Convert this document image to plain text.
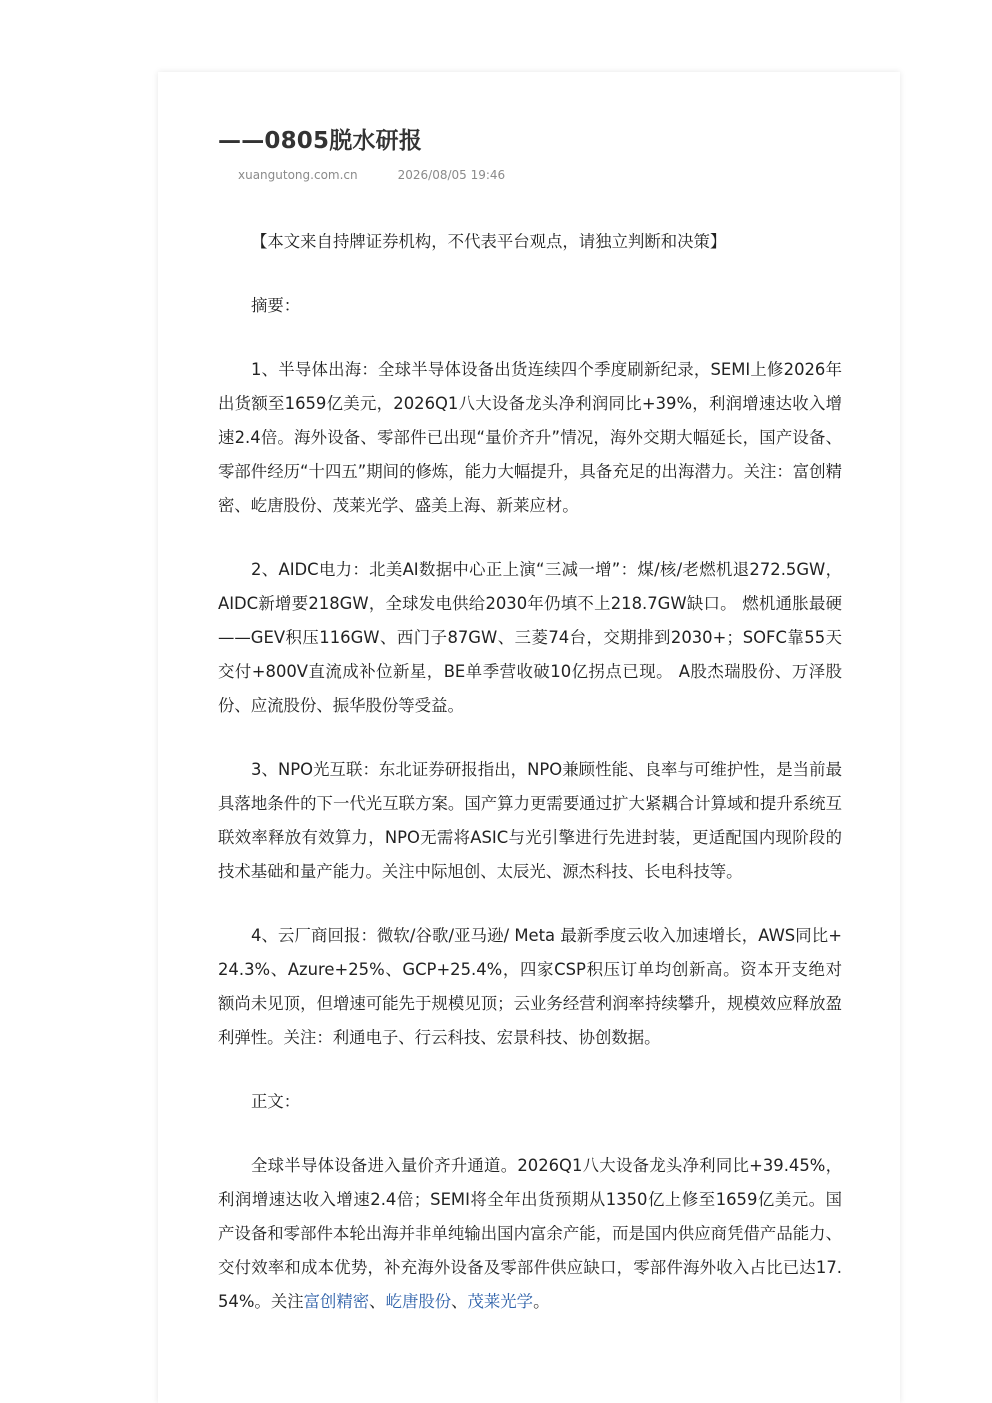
——0805脱水研报
xuangutong.com.cn	2026/08/05 19:46

【本文来自持牌证券机构，不代表平台观点，请独立判断和决策】

摘要：

1、半导体出海：全球半导体设备出货连续四个季度刷新纪录，SEMI上修2026年出货额至1659亿美元，2026Q1八大设备龙头净利润同比+39%，利润增速达收入增速2.4倍。海外设备、零部件已出现“量价齐升”情况，海外交期大幅延长，国产设备、零部件经历“十四五”期间的修炼，能力大幅提升，具备充足的出海潜力。关注：富创精密、屹唐股份、茂莱光学、盛美上海、新莱应材。

2、AIDC电力：北美AI数据中心正上演“三减一增”：煤/核/老燃机退272.5GW，AIDC新增要218GW，全球发电供给2030年仍填不上218.7GW缺口。 燃机通胀最硬——GEV积压116GW、西门子87GW、三菱74台，交期排到2030+；SOFC靠55天交付+800V直流成补位新星，BE单季营收破10亿拐点已现。 A股杰瑞股份、万泽股份、应流股份、振华股份等受益。

3、NPO光互联：东北证券研报指出，NPO兼顾性能、良率与可维护性，是当前最具落地条件的下一代光互联方案。国产算力更需要通过扩大紧耦合计算域和提升系统互联效率释放有效算力，NPO无需将ASIC与光引擎进行先进封装，更适配国内现阶段的技术基础和量产能力。关注中际旭创、太辰光、源杰科技、长电科技等。

4、云厂商回报：微软/谷歌/亚马逊/ Meta 最新季度云收入加速增长，AWS同比+24.3%、Azure+25%、GCP+25.4%，四家CSP积压订单均创新高。资本开支绝对额尚未见顶，但增速可能先于规模见顶；云业务经营利润率持续攀升，规模效应释放盈利弹性。关注：利通电子、行云科技、宏景科技、协创数据。

正文：

全球半导体设备进入量价齐升通道。2026Q1八大设备龙头净利同比+39.45%，利润增速达收入增速2.4倍；SEMI将全年出货预期从1350亿上修至1659亿美元。国产设备和零部件本轮出海并非单纯输出国内富余产能，而是国内供应商凭借产品能力、交付效率和成本优势，补充海外设备及零部件供应缺口，零部件海外收入占比已达17.54%。关注富创精密、屹唐股份、茂莱光学。
